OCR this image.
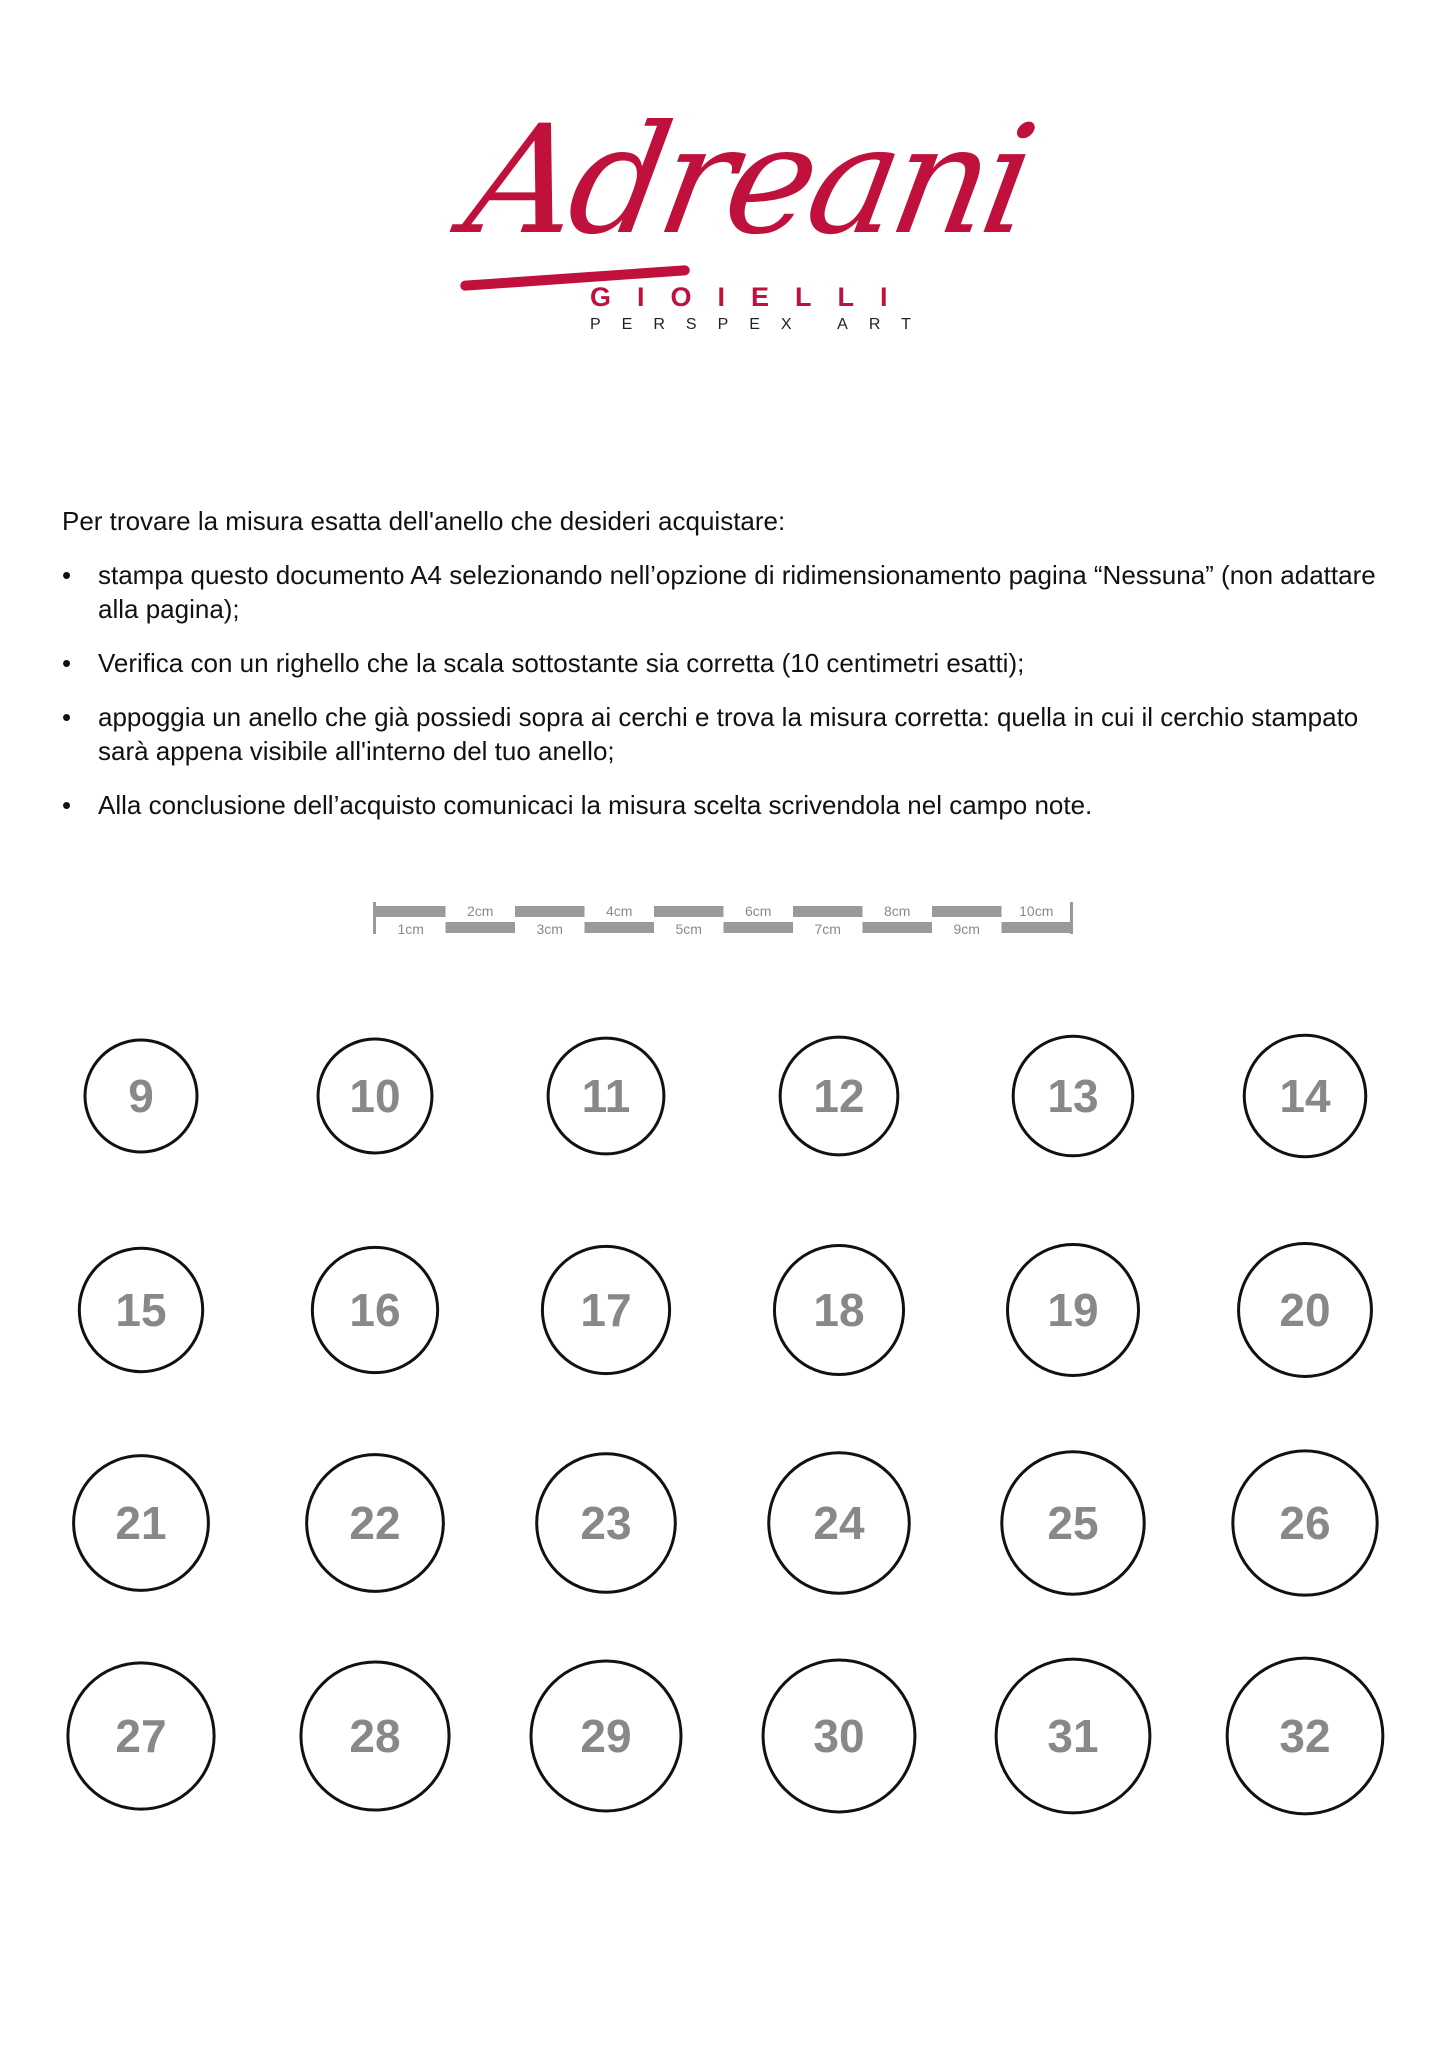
Adreani
GIOIELLI
PERSPEX ART

Per trovare la misura esatta dell'anello che desideri acquistare:

• stampa questo documento A4 selezionando nell’opzione di ridimensionamento pagina “Nessuna” (non adattare alla pagina);
• Verifica con un righello che la scala sottostante sia corretta (10 centimetri esatti);
• appoggia un anello che già possiedi sopra ai cerchi e trova la misura corretta: quella in cui il cerchio stampato sarà appena visibile all'interno del tuo anello;
• Alla conclusione dell’acquisto comunicaci la misura scelta scrivendola nel campo note.
1cm
2cm
3cm
4cm
5cm
6cm
7cm
8cm
9cm
10cm
9	10	11	12	13	14
15	16	17	18	19	20
21	22	23	24	25	26
27	28	29	30	31	32
